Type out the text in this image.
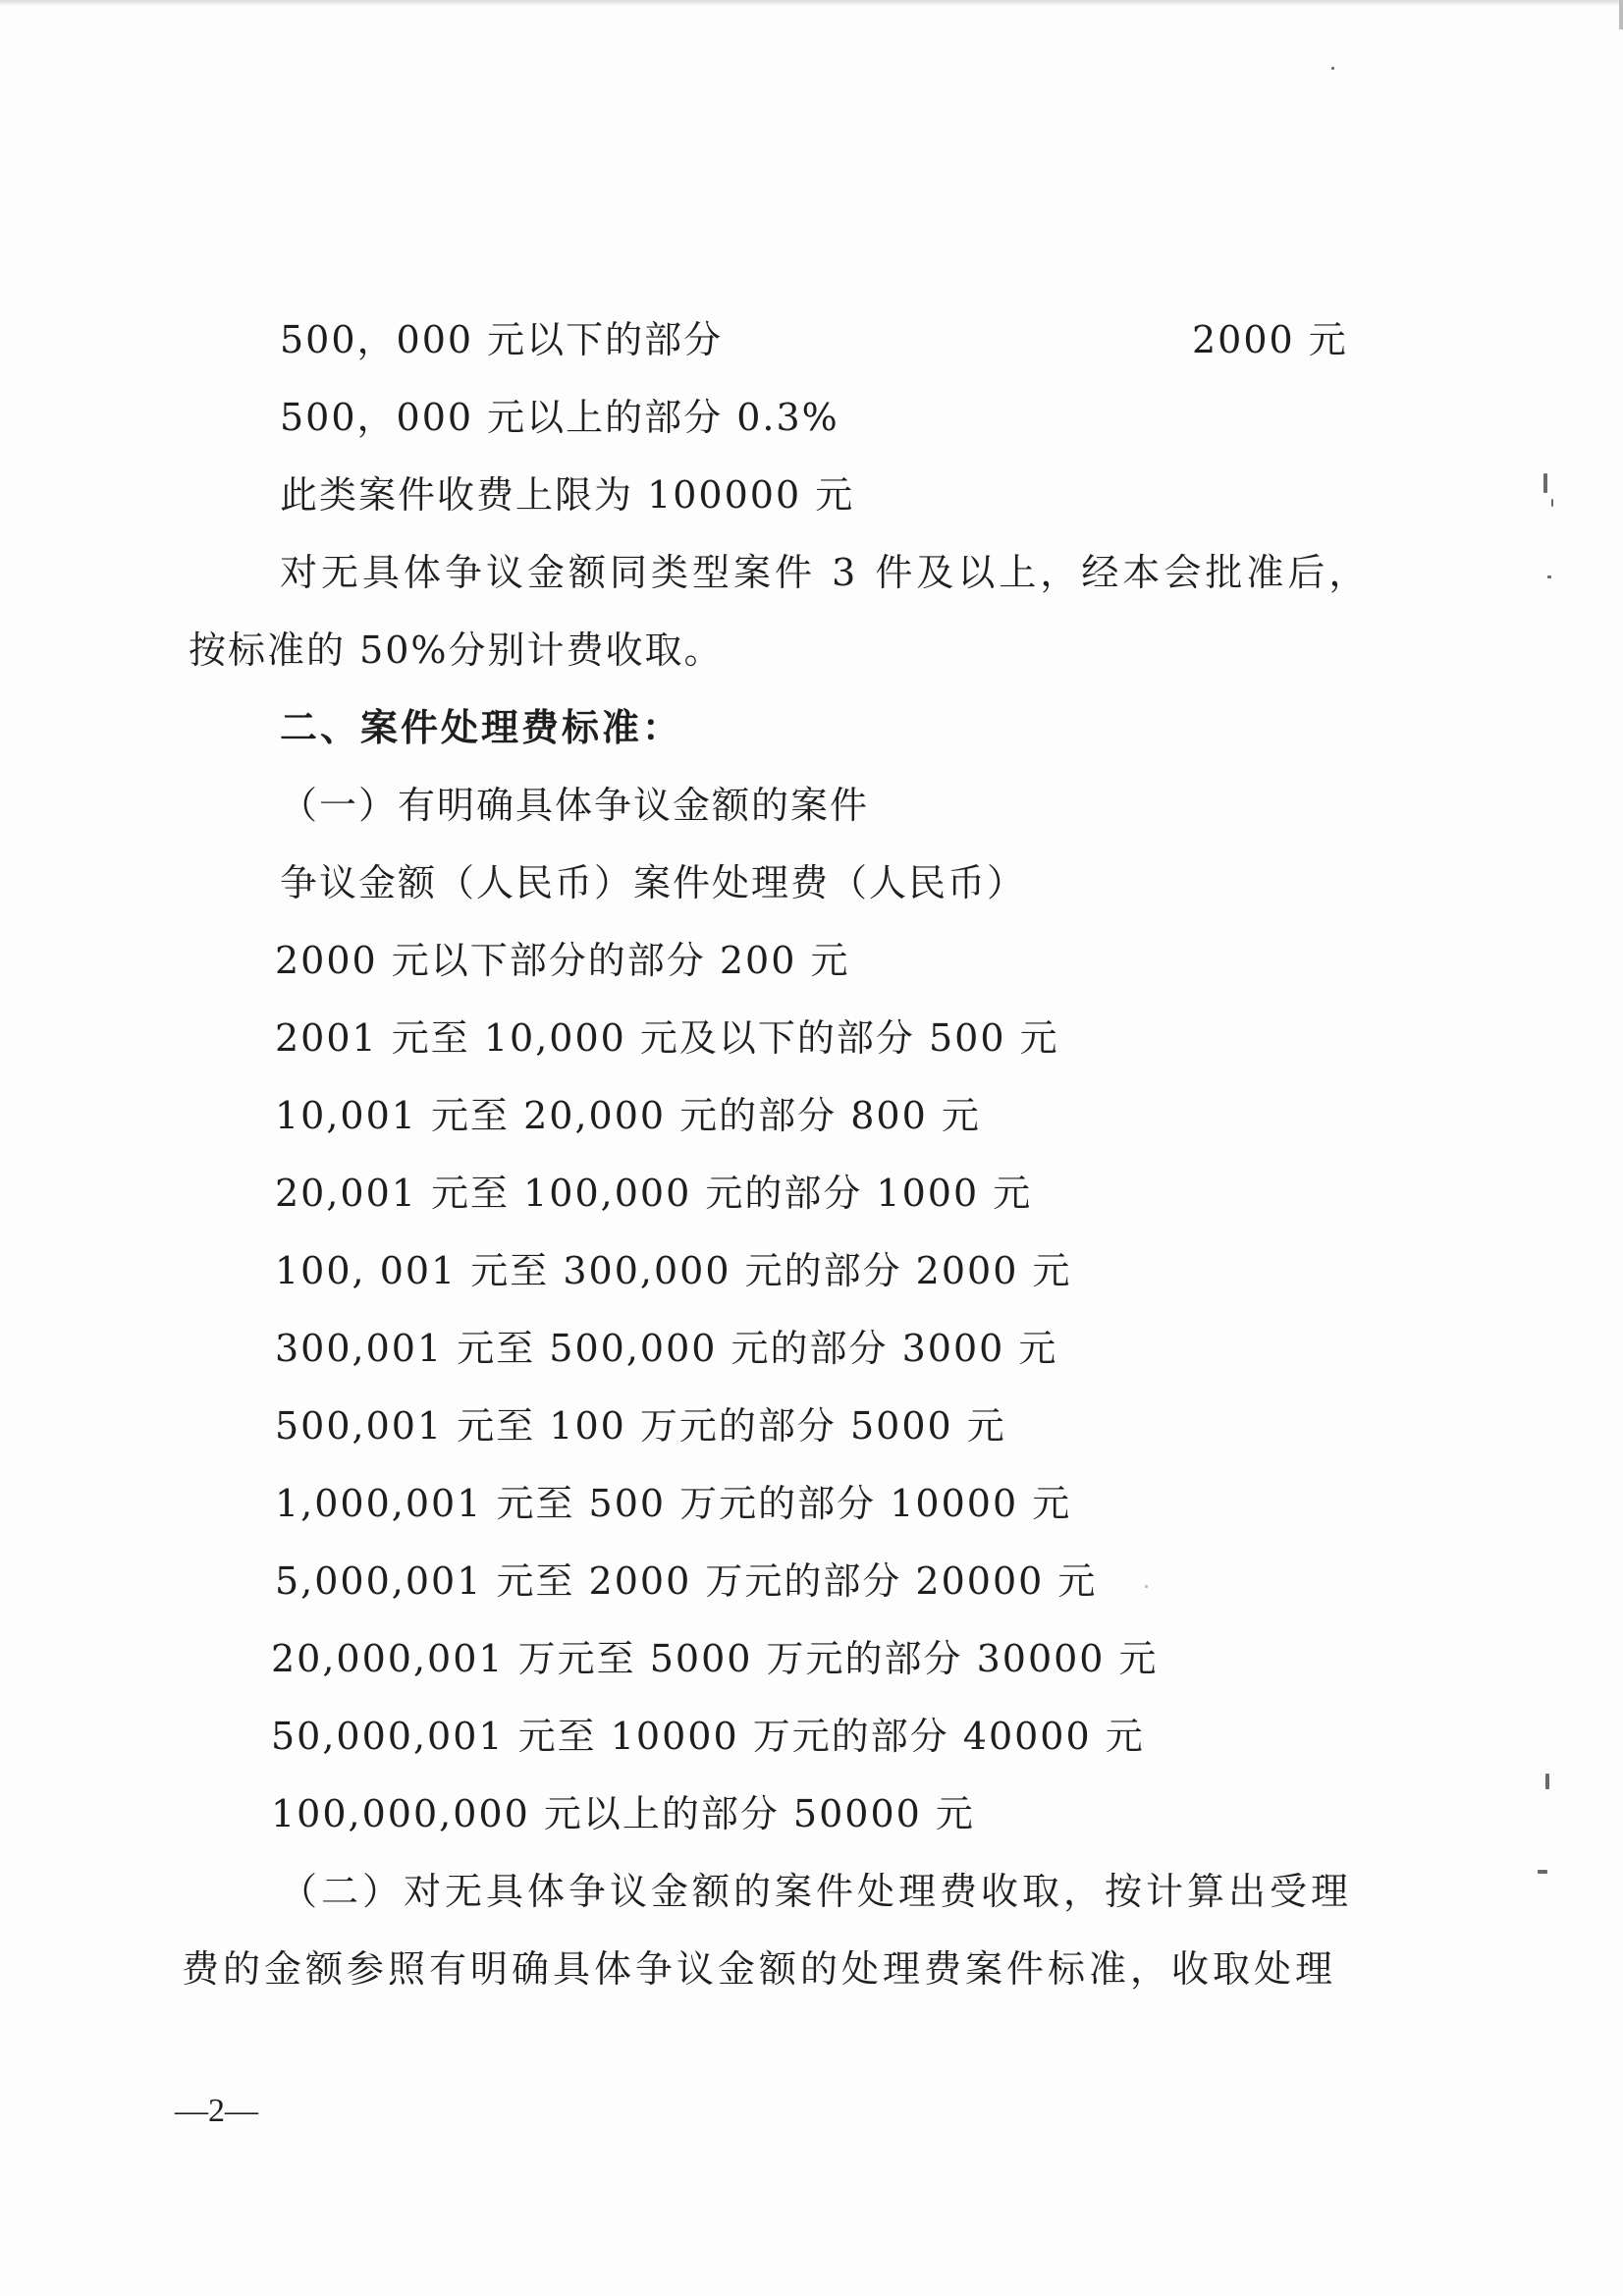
500，000 元以下的部分	2000 元
500，000 元以上的部分 0.3%
此类案件收费上限为 100000 元
对无具体争议金额同类型案件 3 件及以上，经本会批准后，
按标准的 50%分别计费收取。
二、案件处理费标准：
（一）有明确具体争议金额的案件
争议金额（人民币）案件处理费（人民币）
2000 元以下部分的部分 200 元
2001 元至 10,000 元及以下的部分 500 元
10,001 元至 20,000 元的部分 800 元
20,001 元至 100,000 元的部分 1000 元
100, 001 元至 300,000 元的部分 2000 元
300,001 元至 500,000 元的部分 3000 元
500,001 元至 100 万元的部分 5000 元
1,000,001 元至 500 万元的部分 10000 元
5,000,001 元至 2000 万元的部分 20000 元
20,000,001 万元至 5000 万元的部分 30000 元
50,000,001 元至 10000 万元的部分 40000 元
100,000,000 元以上的部分 50000 元
（二）对无具体争议金额的案件处理费收取，按计算出受理
费的金额参照有明确具体争议金额的处理费案件标准，收取处理
—2—
